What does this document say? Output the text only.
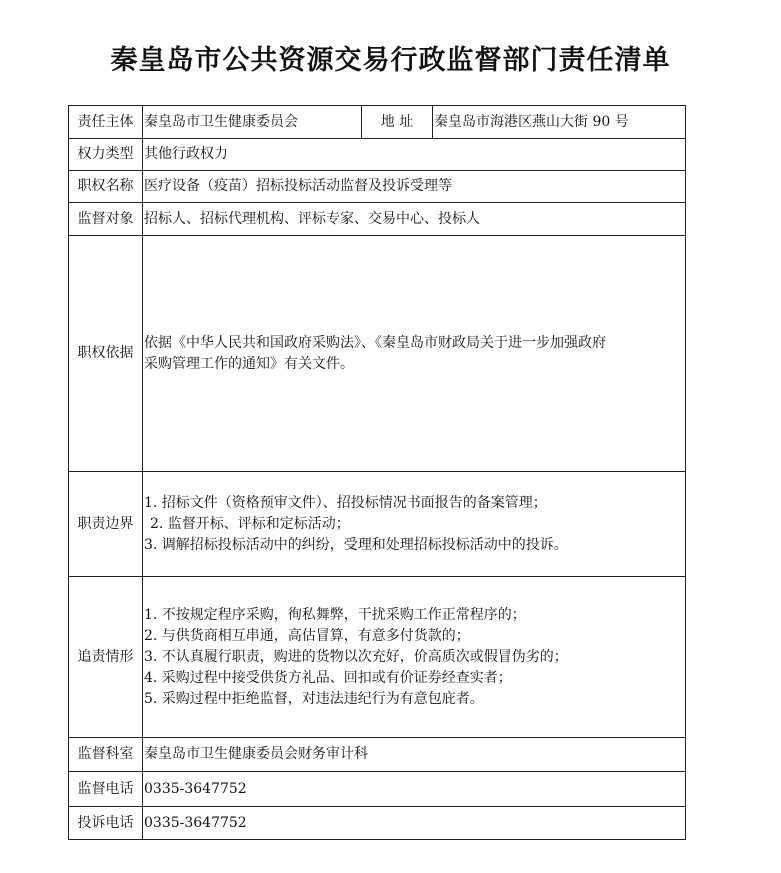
秦皇岛市公共资源交易行政监督部门责任清单
责任主体	秦皇岛市卫生健康委员会	地 址	秦皇岛市海港区燕山大街 90 号
权力类型	其他行政权力		
职权名称	医疗设备（疫苗）招标投标活动监督及投诉受理等		
监督对象	招标人、招标代理机构、评标专家、交易中心、投标人		
职权依据	依据《中华人民共和国政府采购法》、《秦皇岛市财政局关于进一步加强政府
采购管理工作的通知》有关文件。		

职责边界	1. 招标文件（资格预审文件）、招投标情况书面报告的备案管理；
2. 监督开标、评标和定标活动；
3. 调解招标投标活动中的纠纷，受理和处理招标投标活动中的投诉。		

追责情形	1. 不按规定程序采购，徇私舞弊，干扰采购工作正常程序的；
2. 与供货商相互串通，高估冒算，有意多付货款的；
3. 不认真履行职责，购进的货物以次充好，价高质次或假冒伪劣的；
4. 采购过程中接受供货方礼品、回扣或有价证券经查实者；
5. 采购过程中拒绝监督，对违法违纪行为有意包庇者。		

监督科室	秦皇岛市卫生健康委员会财务审计科		
监督电话	0335-3647752		
投诉电话	0335-3647752		
